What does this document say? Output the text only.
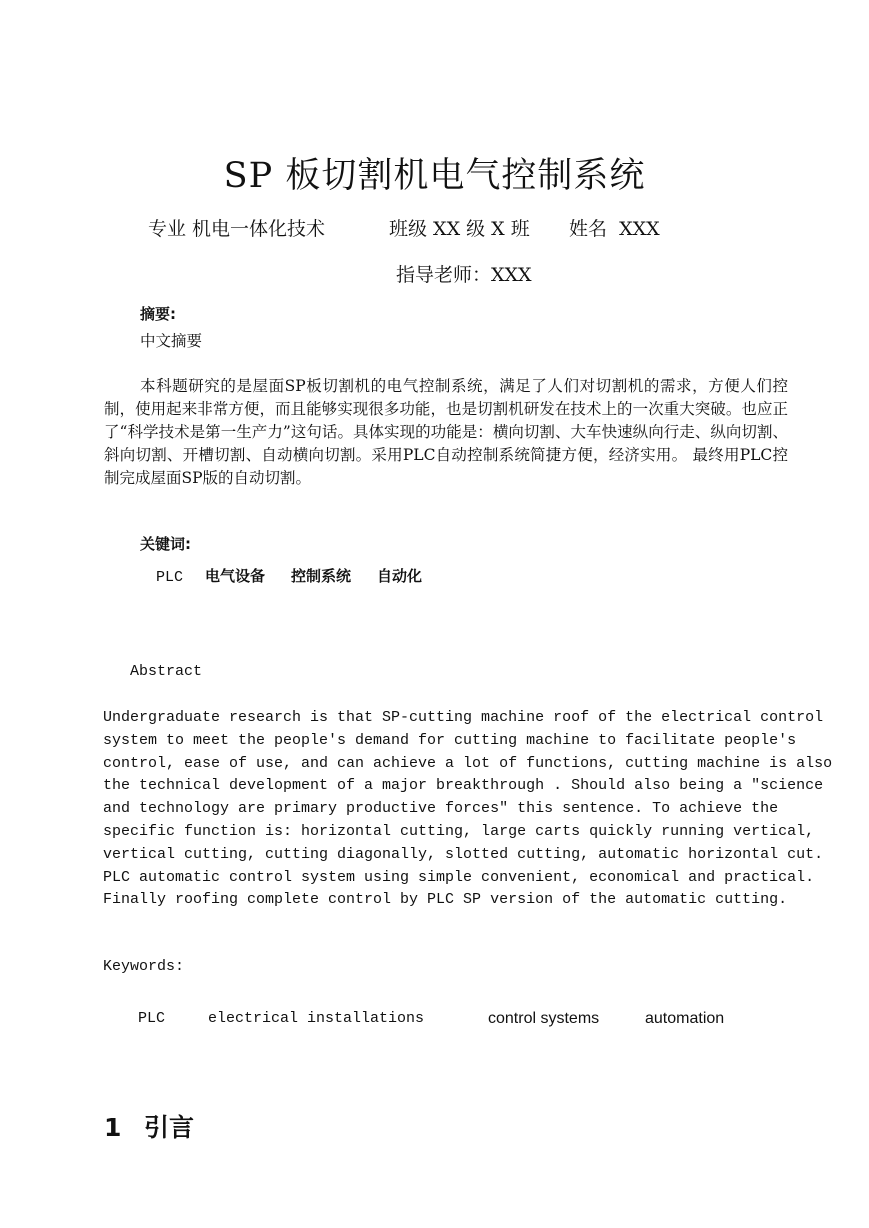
SP 板切割机电气控制系统
专业 机电一体化技术	班级 XX 级 X 班 姓名  XXX
指导老师：XXX
摘要:
中文摘要
本科题研究的是屋面SP板切割机的电气控制系统，满足了人们对切割机的需求，方便人们控制，使用起来非常方便，而且能够实现很多功能，也是切割机研发在技术上的一次重大突破。也应正了“科学技术是第一生产力”这句话。具体实现的功能是：横向切割、大车快速纵向行走、纵向切割、斜向切割、开槽切割、自动横向切割。采用PLC自动控制系统简捷方便，经济实用。 最终用PLC控制完成屋面SP版的自动切割。
关键词:
PLC 电气设备 控制系统 自动化
Abstract
Undergraduate research is that SP-cutting machine roof of the electrical control
system to meet the people's demand for cutting machine to facilitate people's
control, ease of use, and can achieve a lot of functions, cutting machine is also
the technical development of a major breakthrough . Should also being a "science
and technology are primary productive forces" this sentence. To achieve the
specific function is: horizontal cutting, large carts quickly running vertical,
vertical cutting, cutting diagonally, slotted cutting, automatic horizontal cut.
PLC automatic control system using simple convenient, economical and practical.
Finally roofing complete control by PLC SP version of the automatic cutting.
Keywords:
PLC	electrical installations	control systems	automation
1 引言
